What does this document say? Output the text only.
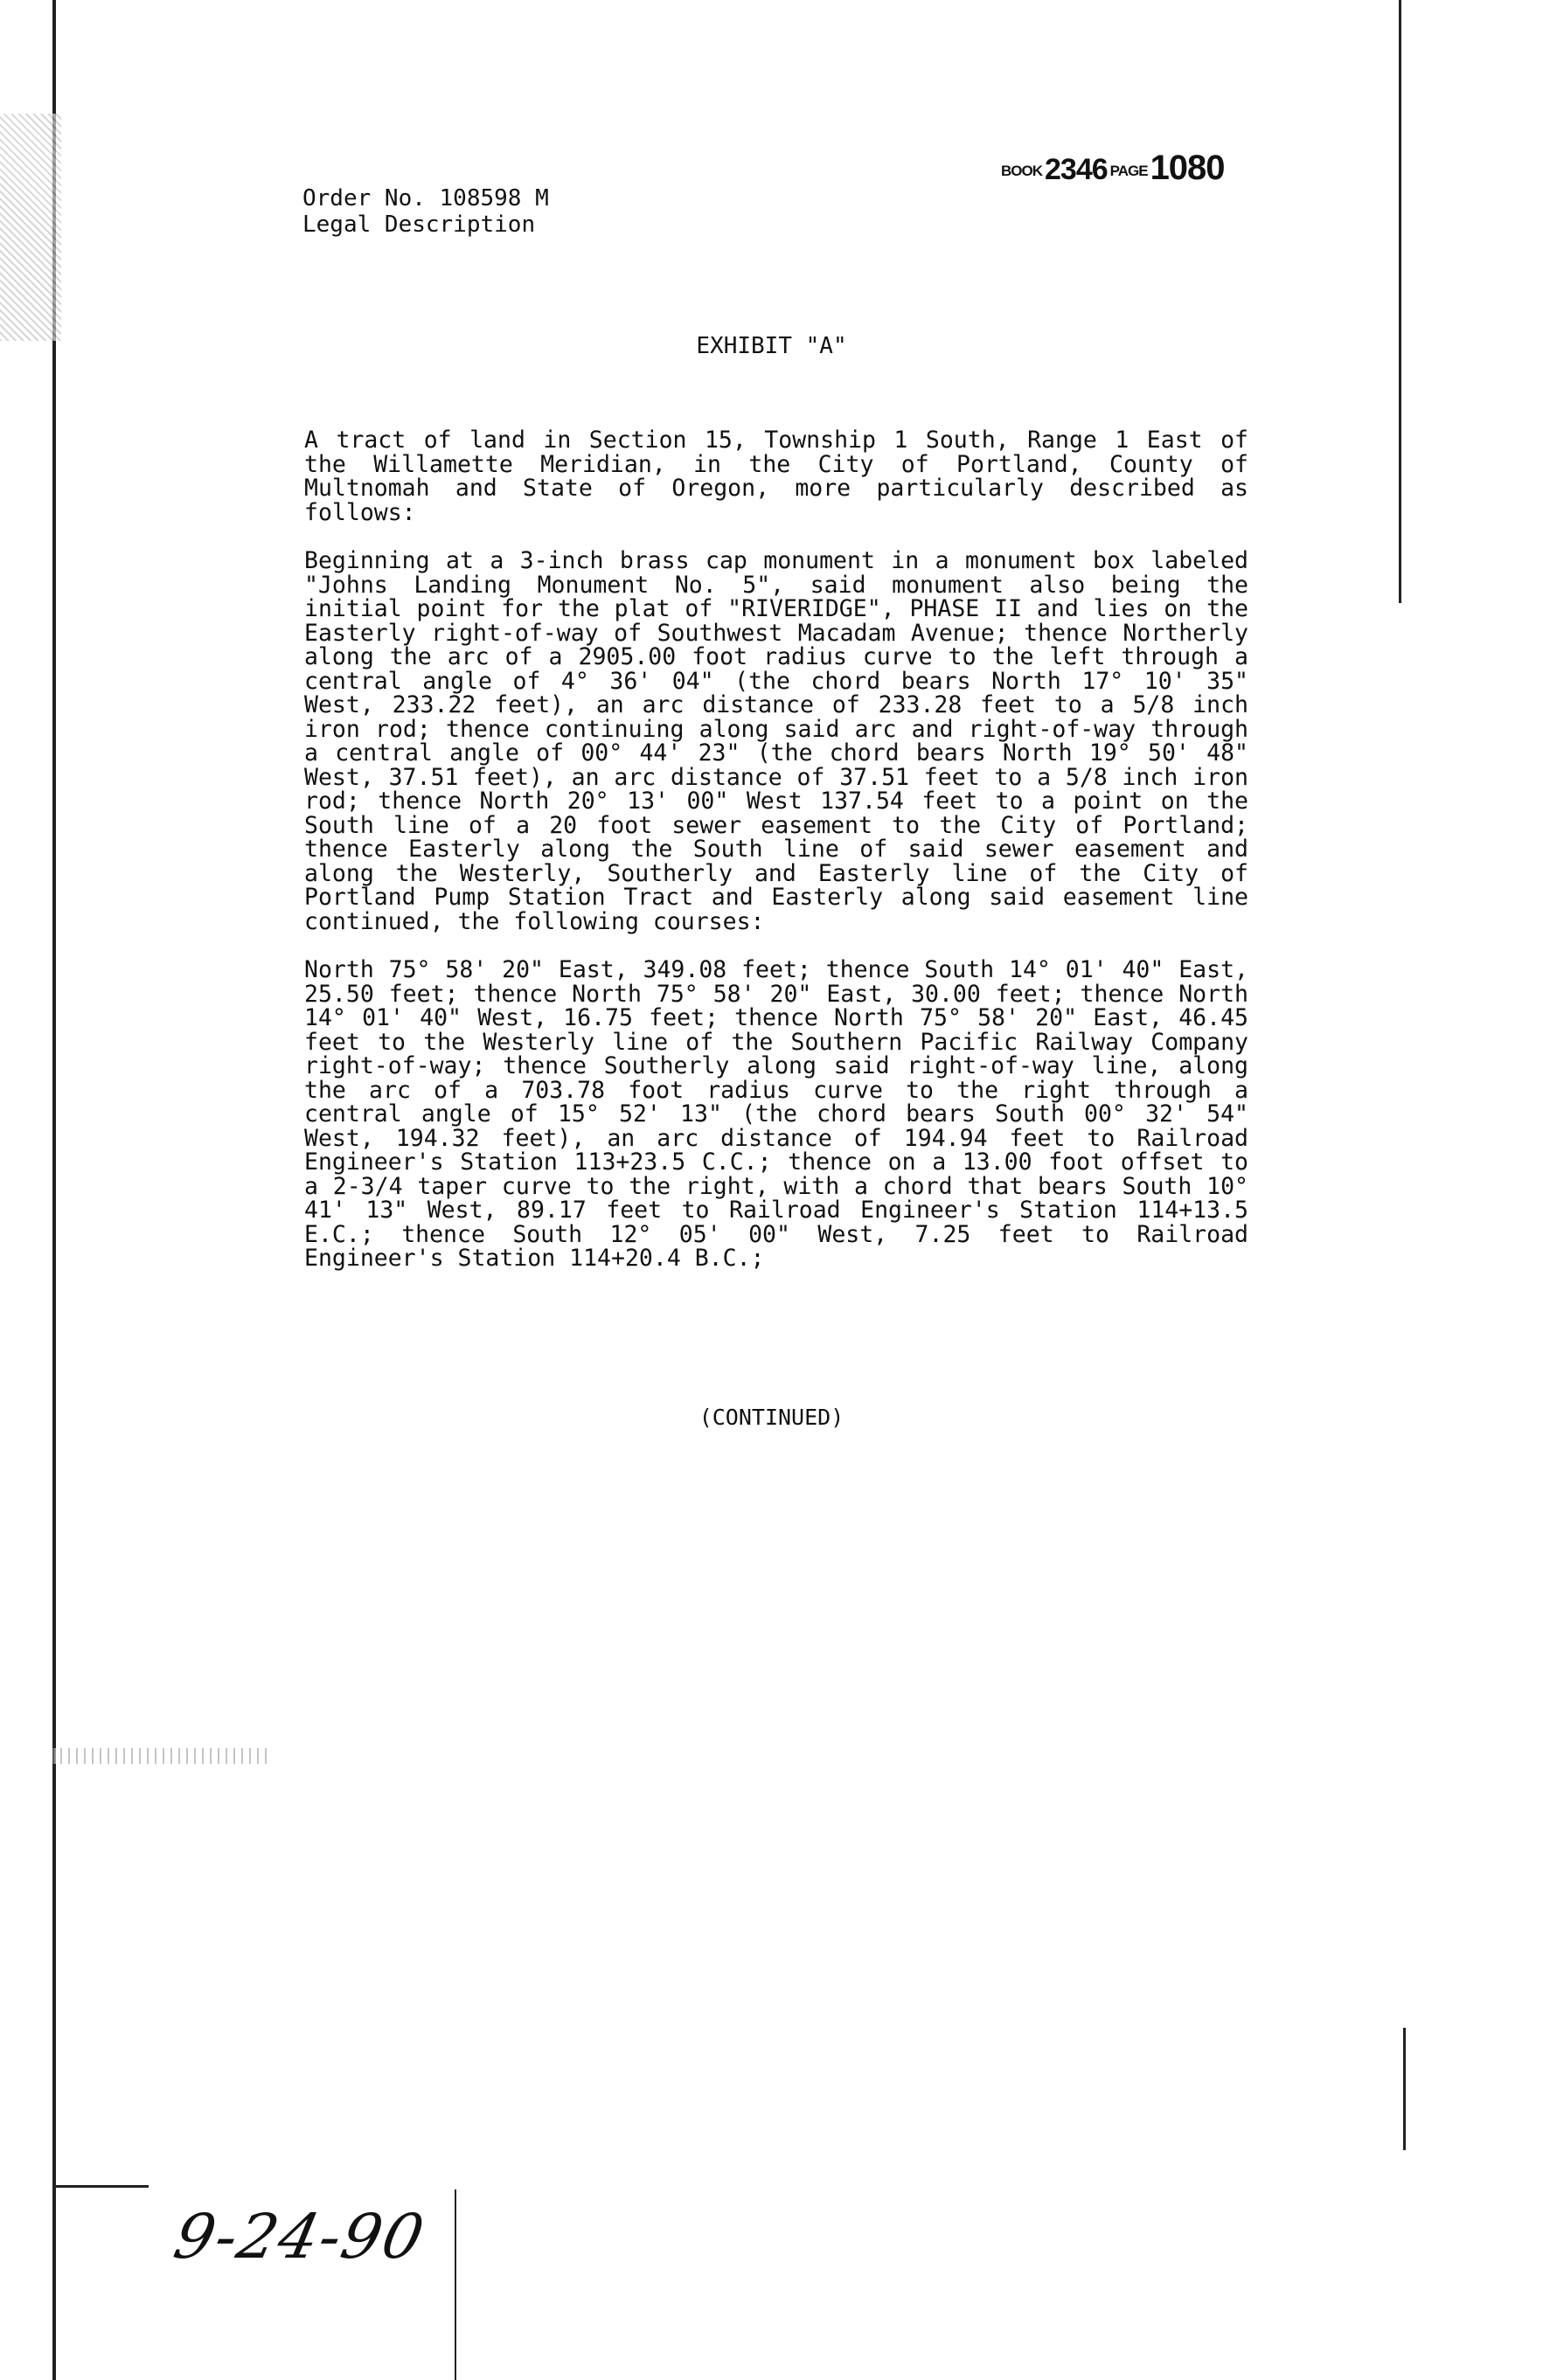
BOOK2346 PAGE1080
Order No. 108598 M
Legal Description
EXHIBIT "A"

A tract of land in Section 15, Township 1 South, Range 1 East of the Willamette Meridian, in the City of Portland, County of Multnomah and State of Oregon, more particularly described as follows:

Beginning at a 3-inch brass cap monument in a monument box labeled "Johns Landing Monument No. 5", said monument also being the initial point for the plat of "RIVERIDGE", PHASE II and lies on the Easterly right-of-way of Southwest Macadam Avenue; thence Northerly along the arc of a 2905.00 foot radius curve to the left through a central angle of 4° 36' 04" (the chord bears North 17° 10' 35" West, 233.22 feet), an arc distance of 233.28 feet to a 5/8 inch iron rod; thence continuing along said arc and right-of-way through a central angle of 00° 44' 23" (the chord bears North 19° 50' 48" West, 37.51 feet), an arc distance of 37.51 feet to a 5/8 inch iron rod; thence North 20° 13' 00" West 137.54 feet to a point on the South line of a 20 foot sewer easement to the City of Portland; thence Easterly along the South line of said sewer easement and along the Westerly, Southerly and Easterly line of the City of Portland Pump Station Tract and Easterly along said easement line continued, the following courses:

North 75° 58' 20" East, 349.08 feet; thence South 14° 01' 40" East, 25.50 feet; thence North 75° 58' 20" East, 30.00 feet; thence North 14° 01' 40" West, 16.75 feet; thence North 75° 58' 20" East, 46.45 feet to the Westerly line of the Southern Pacific Railway Company right-of-way; thence Southerly along said right-of-way line, along the arc of a 703.78 foot radius curve to the right through a central angle of 15° 52' 13" (the chord bears South 00° 32' 54" West, 194.32 feet), an arc distance of 194.94 feet to Railroad Engineer's Station 113+23.5 C.C.; thence on a 13.00 foot offset to a 2-3/4 taper curve to the right, with a chord that bears South 10° 41' 13" West, 89.17 feet to Railroad Engineer's Station 114+13.5 E.C.; thence South 12° 05' 00" West, 7.25 feet to Railroad Engineer's Station 114+20.4 B.C.;

(CONTINUED)
9-24-90
